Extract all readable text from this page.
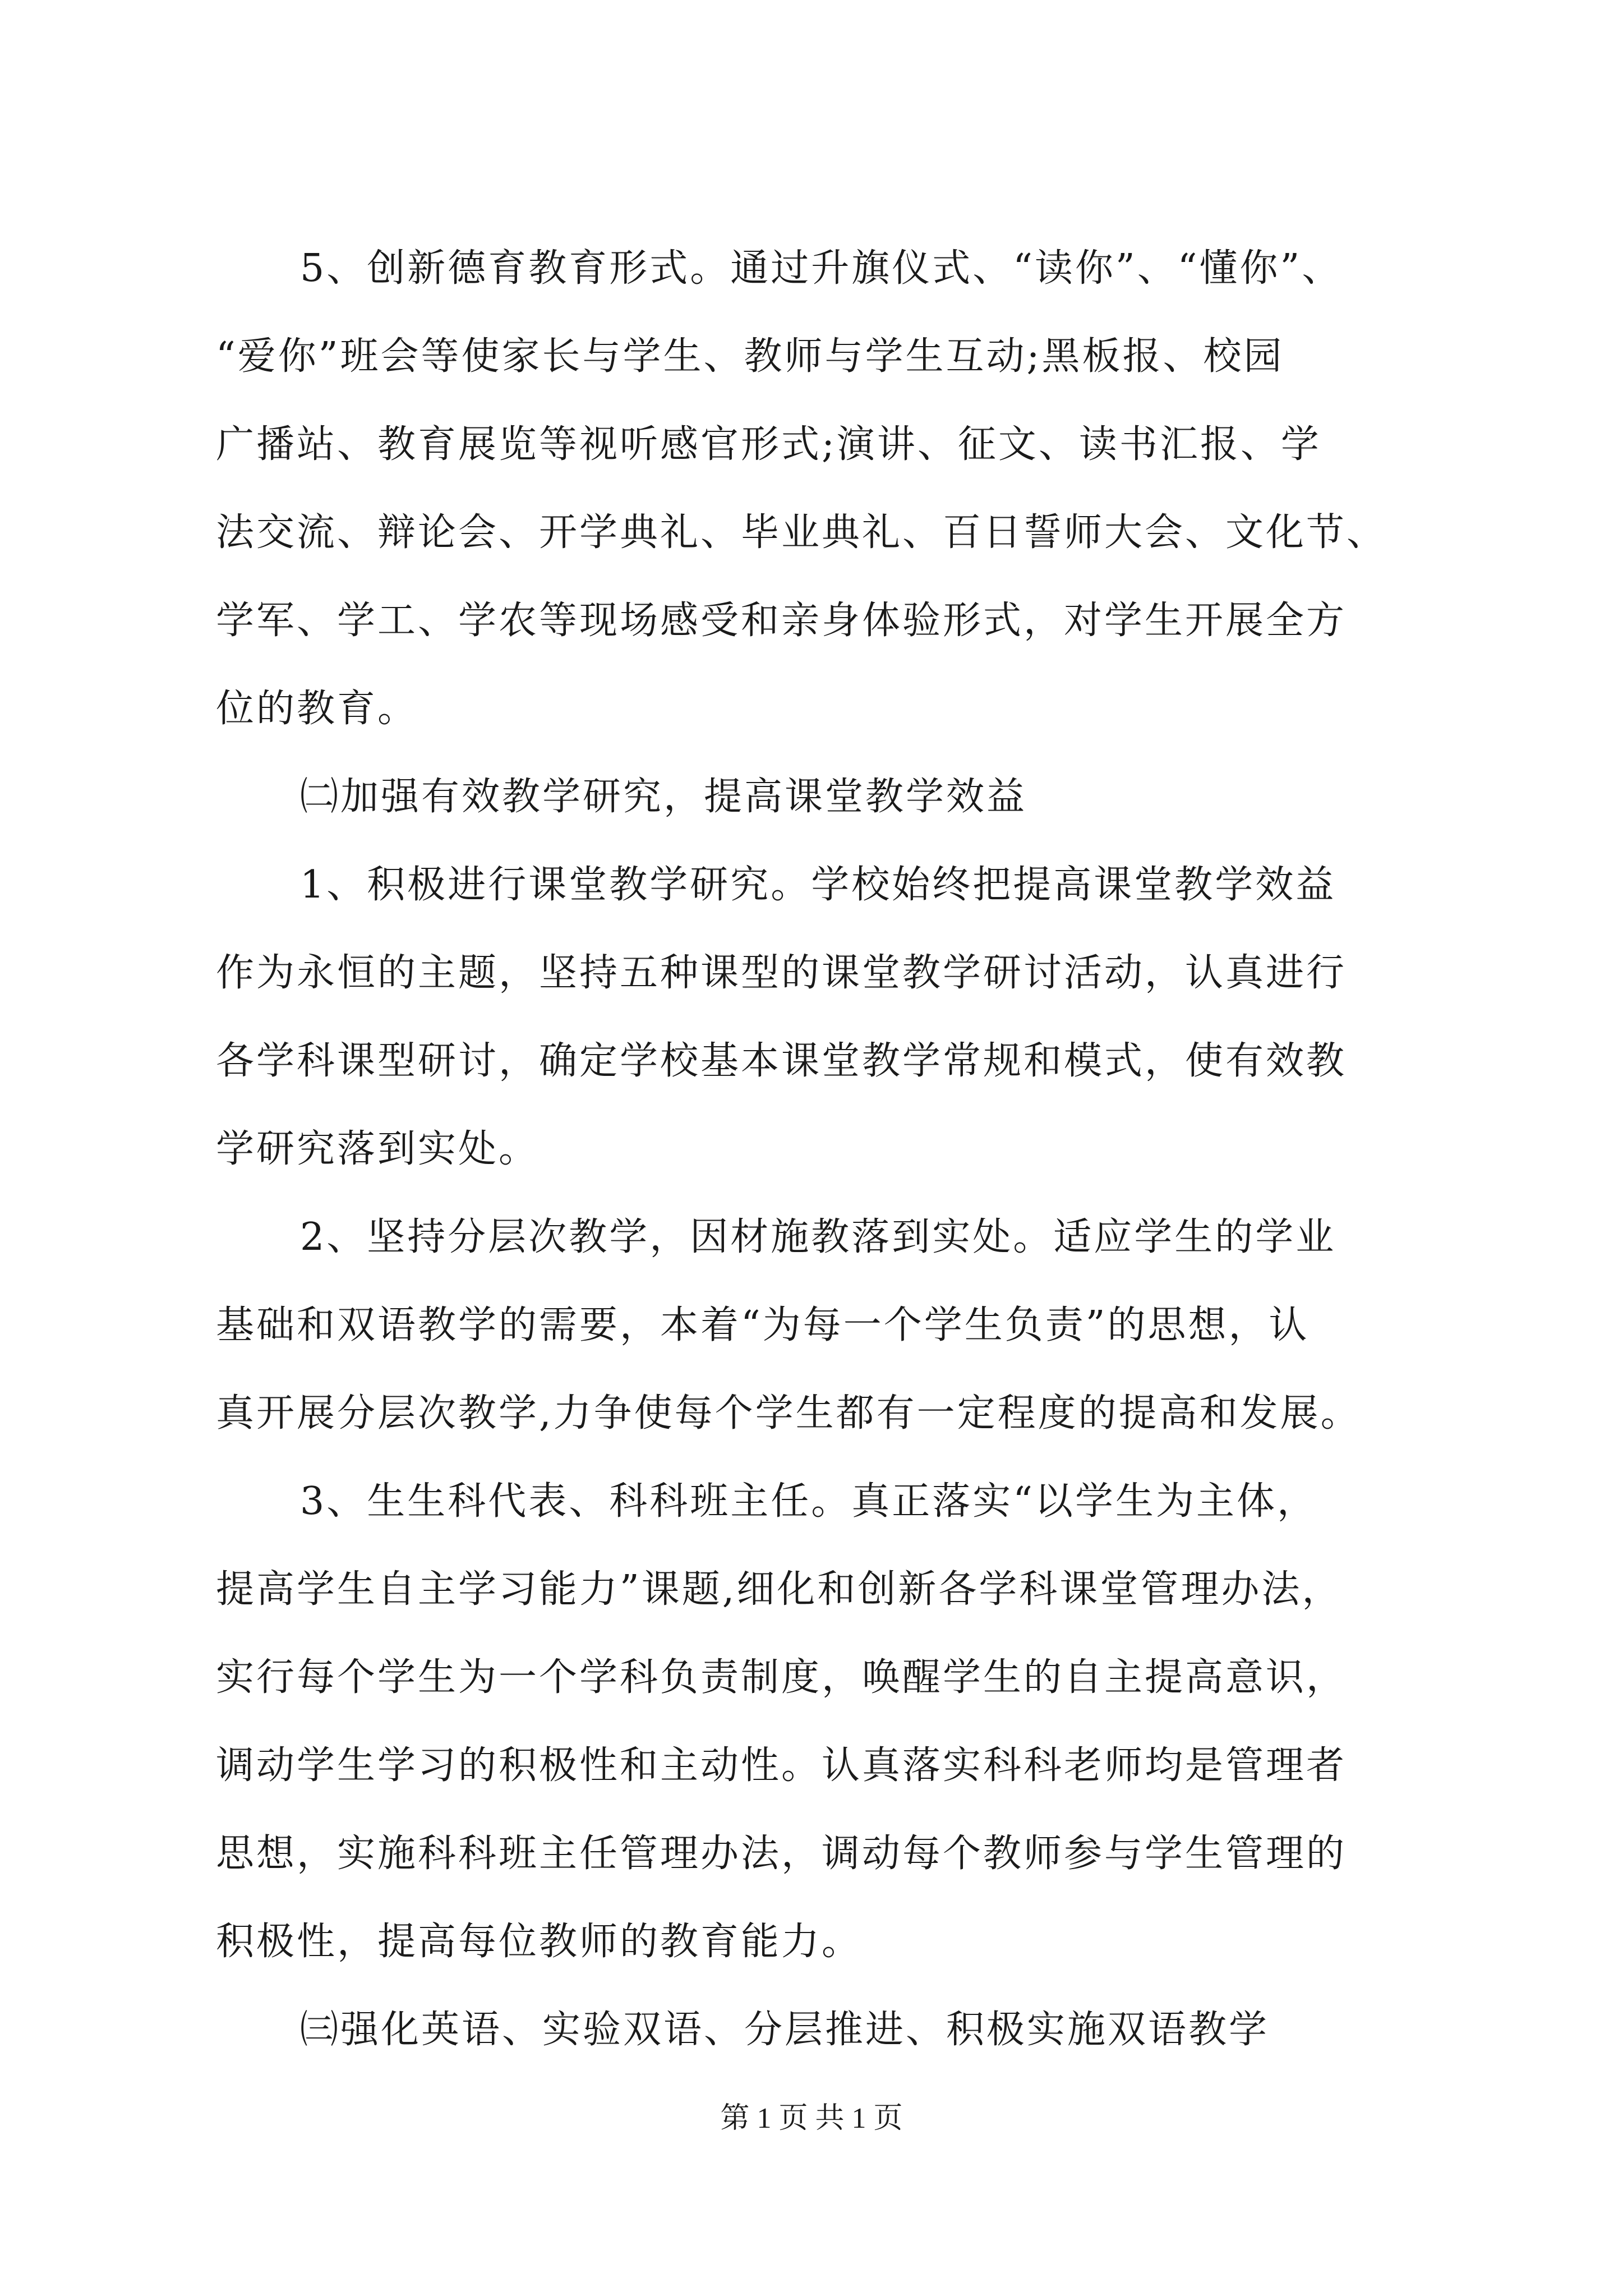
5、创新德育教育形式。通过升旗仪式、“读你”、“懂你”、
“爱你”班会等使家长与学生、教师与学生互动;黑板报、校园
广播站、教育展览等视听感官形式;演讲、征文、读书汇报、学
法交流、辩论会、开学典礼、毕业典礼、百日誓师大会、文化节、
学军、学工、学农等现场感受和亲身体验形式，对学生开展全方
位的教育。
㈡加强有效教学研究，提高课堂教学效益
1、积极进行课堂教学研究。学校始终把提高课堂教学效益
作为永恒的主题，坚持五种课型的课堂教学研讨活动，认真进行
各学科课型研讨，确定学校基本课堂教学常规和模式，使有效教
学研究落到实处。
2、坚持分层次教学，因材施教落到实处。适应学生的学业
基础和双语教学的需要，本着“为每一个学生负责”的思想，认
真开展分层次教学,力争使每个学生都有一定程度的提高和发展。
3、生生科代表、科科班主任。真正落实“以学生为主体，
提高学生自主学习能力”课题,细化和创新各学科课堂管理办法，
实行每个学生为一个学科负责制度，唤醒学生的自主提高意识，
调动学生学习的积极性和主动性。认真落实科科老师均是管理者
思想，实施科科班主任管理办法，调动每个教师参与学生管理的
积极性，提高每位教师的教育能力。
㈢强化英语、实验双语、分层推进、积极实施双语教学
第 1 页 共 1 页
